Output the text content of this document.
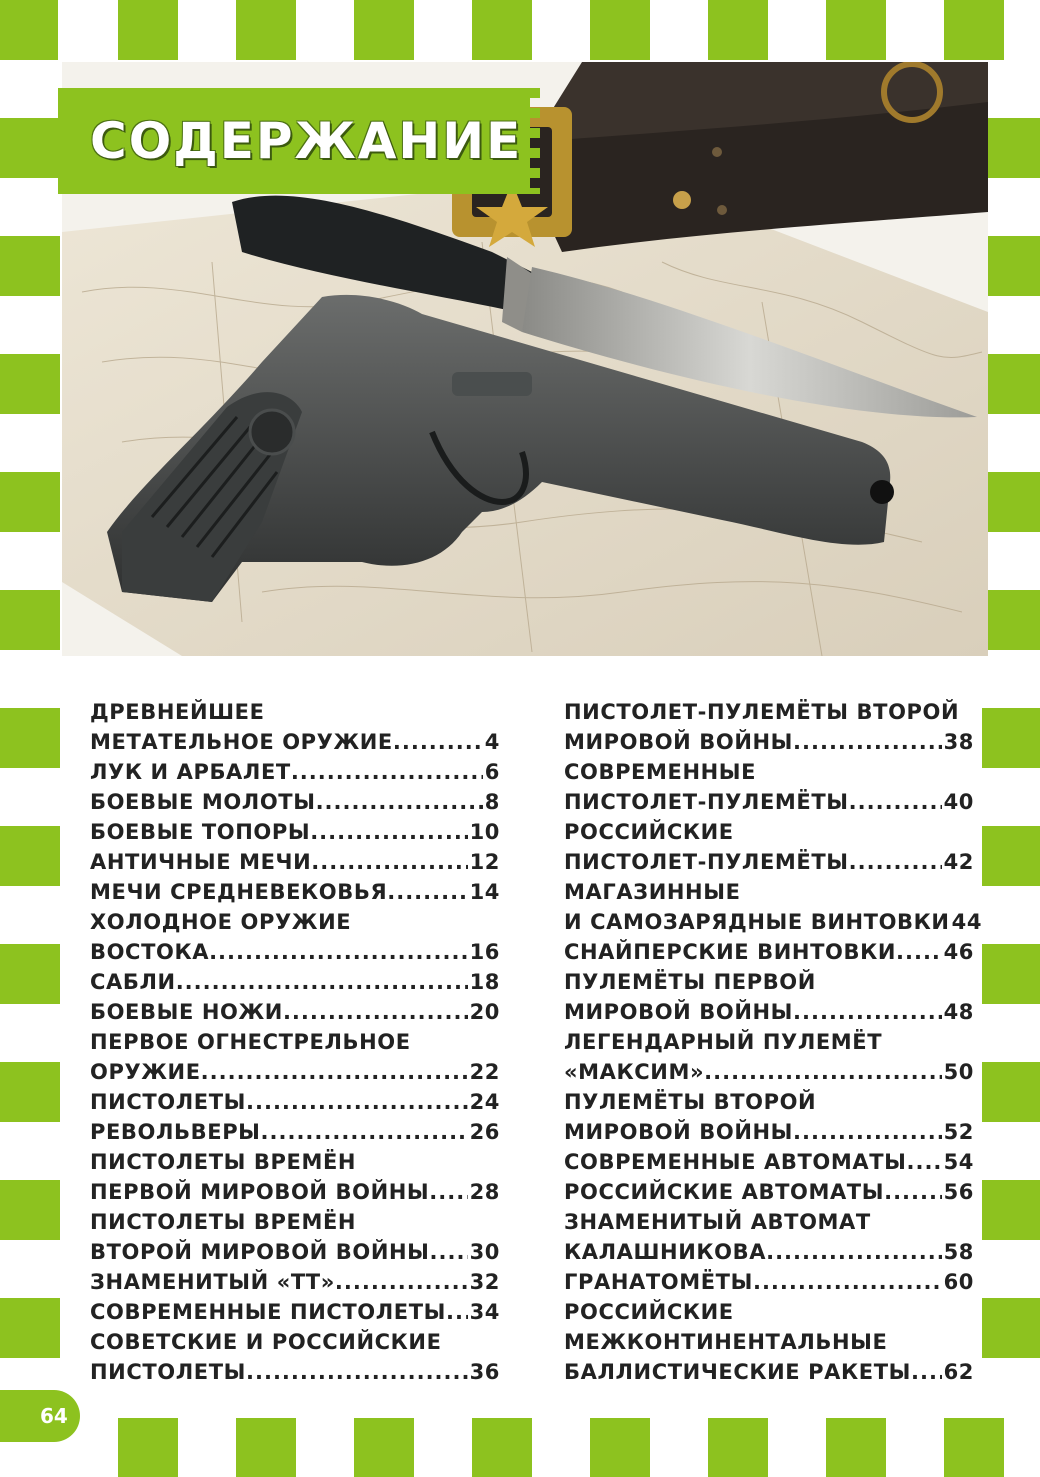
СОДЕРЖАНИЕ
ДРЕВНЕЙШЕЕ
МЕТАТЕЛЬНОЕ ОРУЖИЕ .....	4
ЛУК И АРБАЛЕТ .....	6
БОЕВЫЕ МОЛОТЫ .....	8
БОЕВЫЕ ТОПОРЫ .....	10
АНТИЧНЫЕ МЕЧИ .....	12
МЕЧИ СРЕДНЕВЕКОВЬЯ .....	14
ХОЛОДНОЕ ОРУЖИЕ
ВОСТОКА .....	16
САБЛИ .....	18
БОЕВЫЕ НОЖИ .....	20
ПЕРВОЕ ОГНЕСТРЕЛЬНОЕ
ОРУЖИЕ .....	22
ПИСТОЛЕТЫ .....	24
РЕВОЛЬВЕРЫ .....	26
ПИСТОЛЕТЫ ВРЕМЁН
ПЕРВОЙ МИРОВОЙ ВОЙНЫ ..... 28
ПИСТОЛЕТЫ ВРЕМЁН
ВТОРОЙ МИРОВОЙ ВОЙНЫ ..... 30
ЗНАМЕНИТЫЙ «ТТ» .....	32
СОВРЕМЕННЫЕ ПИСТОЛЕТЫ ..... 34
СОВЕТСКИЕ И РОССИЙСКИЕ
ПИСТОЛЕТЫ .....	36
ПИСТОЛЕТ-ПУЛЕМЁТЫ ВТОРОЙ
МИРОВОЙ ВОЙНЫ .....	38
СОВРЕМЕННЫЕ
ПИСТОЛЕТ-ПУЛЕМЁТЫ .....	40
РОССИЙСКИЕ
ПИСТОЛЕТ-ПУЛЕМЁТЫ .....	42
МАГАЗИННЫЕ
И САМОЗАРЯДНЫЕ ВИНТОВКИ 44
СНАЙПЕРСКИЕ ВИНТОВКИ ..... 46
ПУЛЕМЁТЫ ПЕРВОЙ
МИРОВОЙ ВОЙНЫ .....	48
ЛЕГЕНДАРНЫЙ ПУЛЕМЁТ
«МАКСИМ» .....	50
ПУЛЕМЁТЫ ВТОРОЙ
МИРОВОЙ ВОЙНЫ .....	52
СОВРЕМЕННЫЕ АВТОМАТЫ ..... 54
РОССИЙСКИЕ АВТОМАТЫ .....	56
ЗНАМЕНИТЫЙ АВТОМАТ
КАЛАШНИКОВА .....	58
ГРАНАТОМЁТЫ .....	60
РОССИЙСКИЕ
МЕЖКОНТИНЕНТАЛЬНЫЕ
БАЛЛИСТИЧЕСКИЕ РАКЕТЫ ..... 62
64
